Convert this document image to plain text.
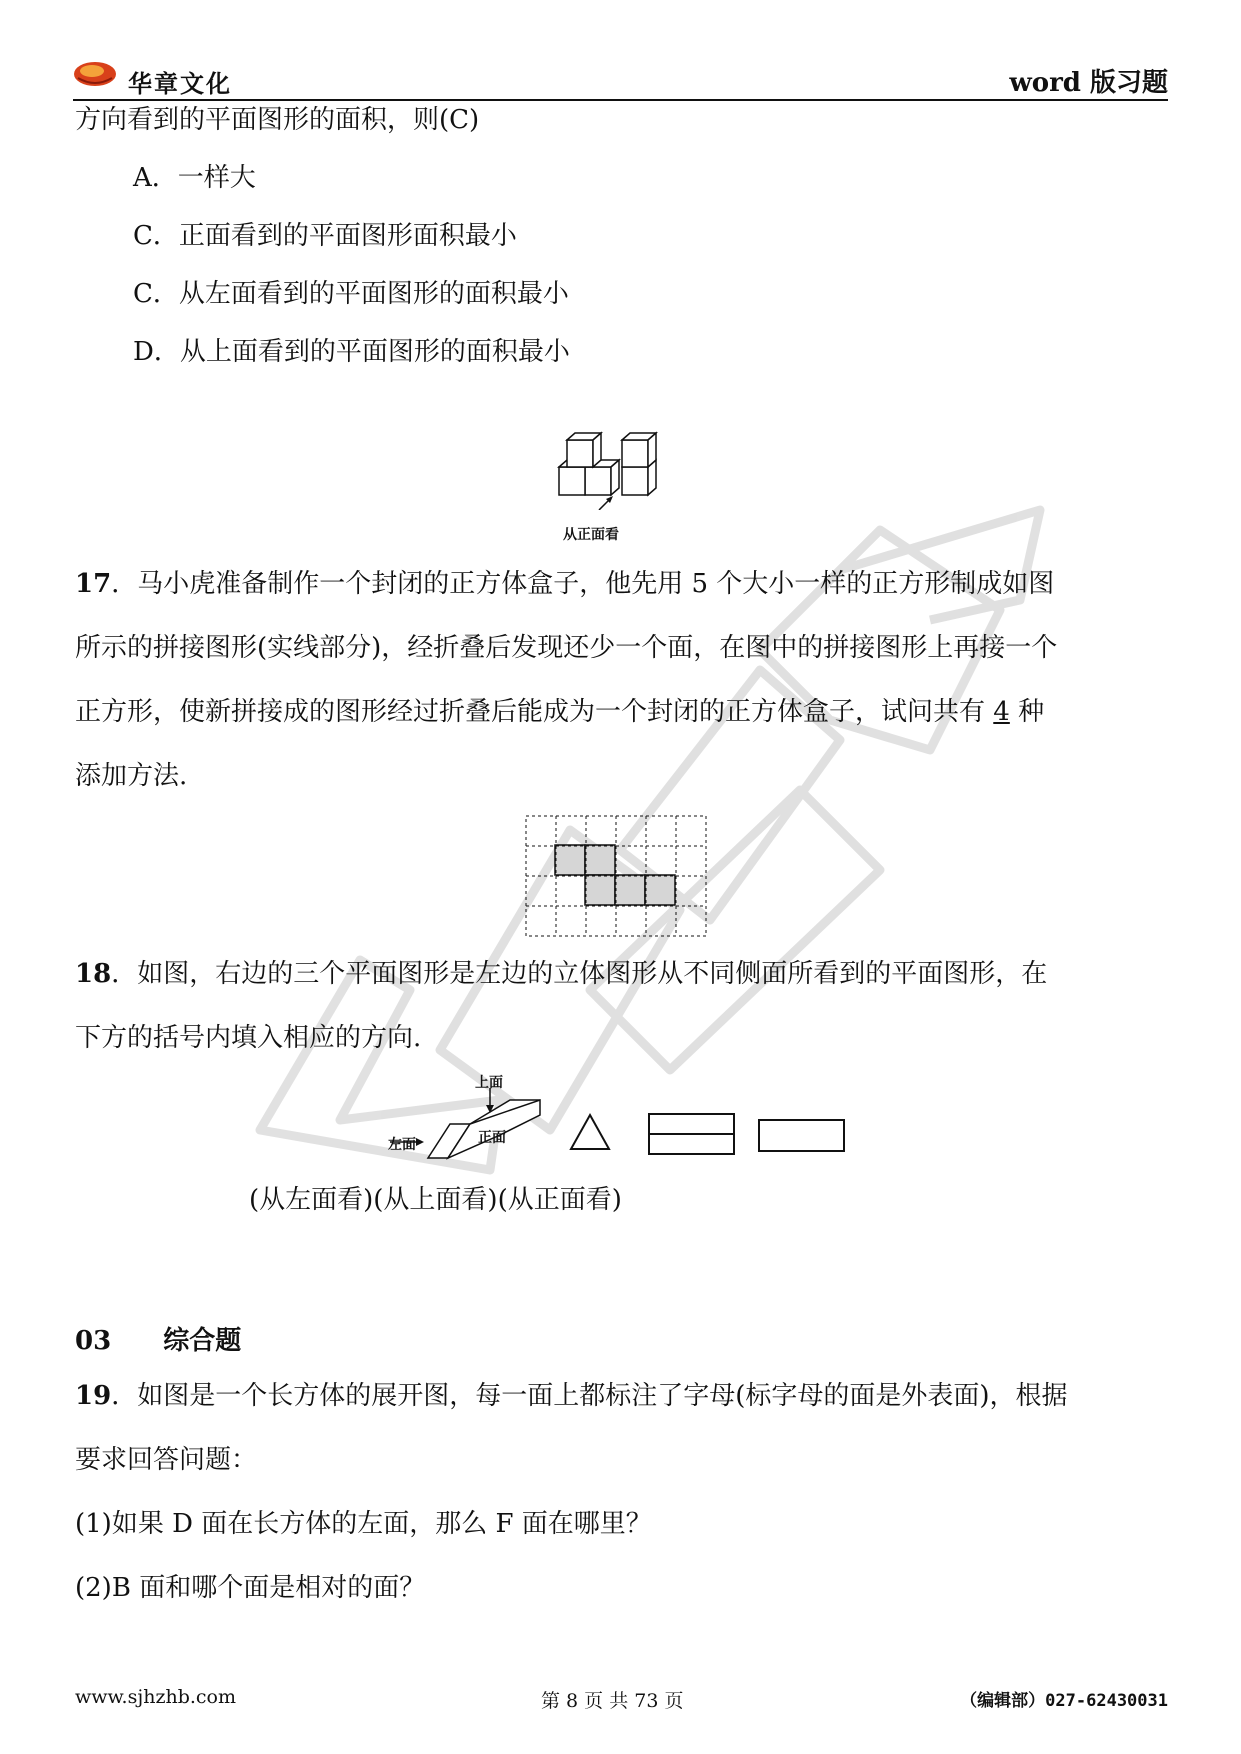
华章文化	word 版习题
方向看到的平面图形的面积，则(C)
A．一样大
C．正面看到的平面图形面积最小
C．从左面看到的平面图形的面积最小
D．从上面看到的平面图形的面积最小
从正面看
17．马小虎准备制作一个封闭的正方体盒子，他先用 5 个大小一样的正方形制成如图
所示的拼接图形(实线部分)，经折叠后发现还少一个面，在图中的拼接图形上再接一个
正方形，使新拼接成的图形经过折叠后能成为一个封闭的正方体盒子，试问共有 4 种
添加方法.
18．如图，右边的三个平面图形是左边的立体图形从不同侧面所看到的平面图形，在
下方的括号内填入相应的方向.
上面
正面
左面
(从左面看)(从上面看)(从正面看)
03 综合题
19．如图是一个长方体的展开图，每一面上都标注了字母(标字母的面是外表面)，根据
要求回答问题：
(1)如果 D 面在长方体的左面，那么 F 面在哪里？
(2)B 面和哪个面是相对的面？
www.sjhzhb.com	第 8 页 共 73 页	（编辑部）027-62430031
